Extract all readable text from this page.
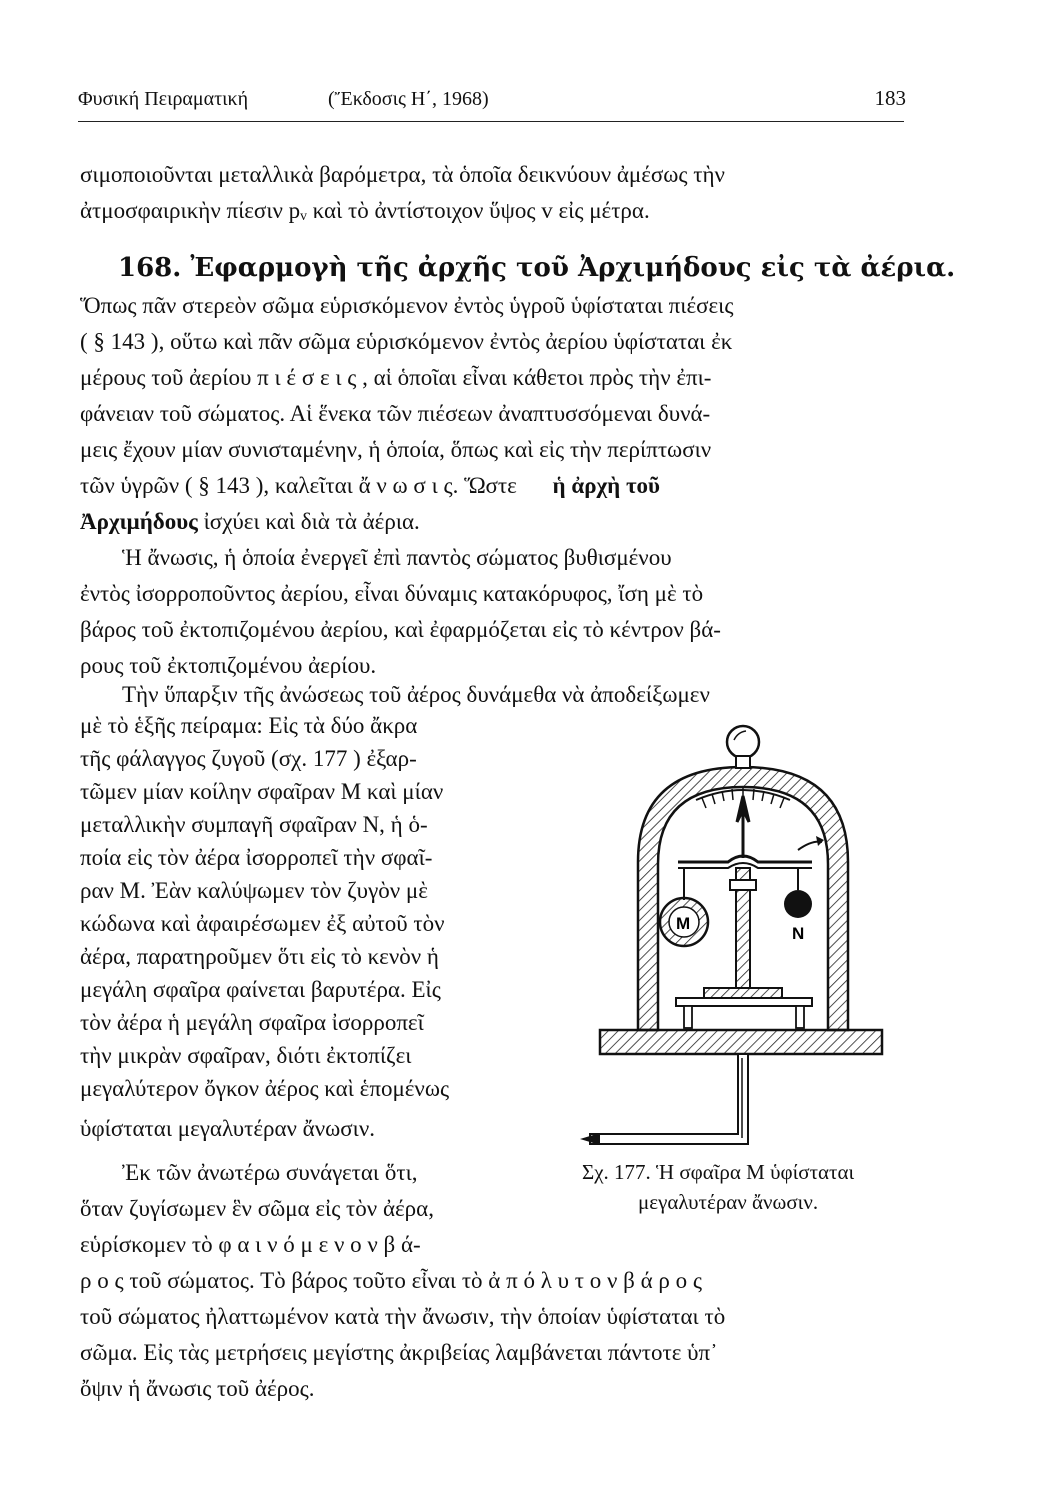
Φυσική Πειραματική	(Ἔκδοσις Η΄, 1968)	183
σιμοποιοῦνται μεταλλικὰ βαρόμετρα, τὰ ὁποῖα δεικνύουν ἀμέσως τὴν
ἀτμοσφαιρικὴν πίεσιν pᵥ καὶ τὸ ἀντίστοιχον ὕψος v εἰς μέτρα.
168. Ἐφαρμογὴ τῆς ἀρχῆς τοῦ Ἀρχιμήδους εἰς τὰ ἀέρια.
Ὅπως πᾶν στερεὸν σῶμα εὑρισκόμενον ἐντὸς ὑγροῦ ὑφίσταται πιέσεις
( § 143 ), οὕτω καὶ πᾶν σῶμα εὑρισκόμενον ἐντὸς ἀερίου ὑφίσταται ἐκ
μέρους τοῦ ἀερίου π ι έ σ ε ι ς , αἱ ὁποῖαι εἶναι κάθετοι πρὸς τὴν ἐπι-
φάνειαν τοῦ σώματος. Αἱ ἕνεκα τῶν πιέσεων ἀναπτυσσόμεναι δυνά-
μεις ἔχουν μίαν συνισταμένην, ἡ ὁποία, ὅπως καὶ εἰς τὴν περίπτωσιν
τῶν ὑγρῶν ( § 143 ), καλεῖται ἄ ν ω σ ι ς. Ὥστε ἡ ἀρχὴ τοῦ
Ἀρχιμήδους ἰσχύει καὶ διὰ τὰ ἀέρια.
Ἡ ἄνωσις, ἡ ὁποία ἐνεργεῖ ἐπὶ παντὸς σώματος βυθισμένου
ἐντὸς ἰσορροποῦντος ἀερίου, εἶναι δύναμις κατακόρυφος, ἴση μὲ τὸ
βάρος τοῦ ἐκτοπιζομένου ἀερίου, καὶ ἐφαρμόζεται εἰς τὸ κέντρον βά-
ρους τοῦ ἐκτοπιζομένου ἀερίου.
Τὴν ὕπαρξιν τῆς ἀνώσεως τοῦ ἀέρος δυνάμεθα νὰ ἀποδείξωμεν
μὲ τὸ ἑξῆς πείραμα: Εἰς τὰ δύο ἄκρα
τῆς φάλαγγος ζυγοῦ (σχ. 177 ) ἐξαρ-
τῶμεν μίαν κοίλην σφαῖραν Μ καὶ μίαν
μεταλλικὴν συμπαγῆ σφαῖραν Ν, ἡ ὁ-
ποία εἰς τὸν ἀέρα ἰσορροπεῖ τὴν σφαῖ-
ραν Μ. Ἐὰν καλύψωμεν τὸν ζυγὸν μὲ
κώδωνα καὶ ἀφαιρέσωμεν ἐξ αὐτοῦ τὸν
ἀέρα, παρατηροῦμεν ὅτι εἰς τὸ κενὸν ἡ
μεγάλη σφαῖρα φαίνεται βαρυτέρα. Εἰς
τὸν ἀέρα ἡ μεγάλη σφαῖρα ἰσορροπεῖ
τὴν μικρὰν σφαῖραν, διότι ἐκτοπίζει
μεγαλύτερον ὄγκον ἀέρος καὶ ἑπομένως
ὑφίσταται μεγαλυτέραν ἄνωσιν.
Ἐκ τῶν ἀνωτέρω συνάγεται ὅτι,
ὅταν ζυγίσωμεν ἓν σῶμα εἰς τὸν ἀέρα,
εὑρίσκομεν τὸ φ α ι ν ό μ ε ν ο ν β ά-
ρ ο ς τοῦ σώματος. Τὸ βάρος τοῦτο εἶναι τὸ ἀ π ό λ υ τ ο ν β ά ρ ο ς
τοῦ σώματος ἠλαττωμένον κατὰ τὴν ἄνωσιν, τὴν ὁποίαν ὑφίσταται τὸ
σῶμα. Εἰς τὰς μετρήσεις μεγίστης ἀκριβείας λαμβάνεται πάντοτε ὑπ᾿
ὄψιν ἡ ἄνωσις τοῦ ἀέρος.
M
N
Σχ. 177. Ἡ σφαῖρα Μ ὑφίσταται
μεγαλυτέραν ἄνωσιν.
